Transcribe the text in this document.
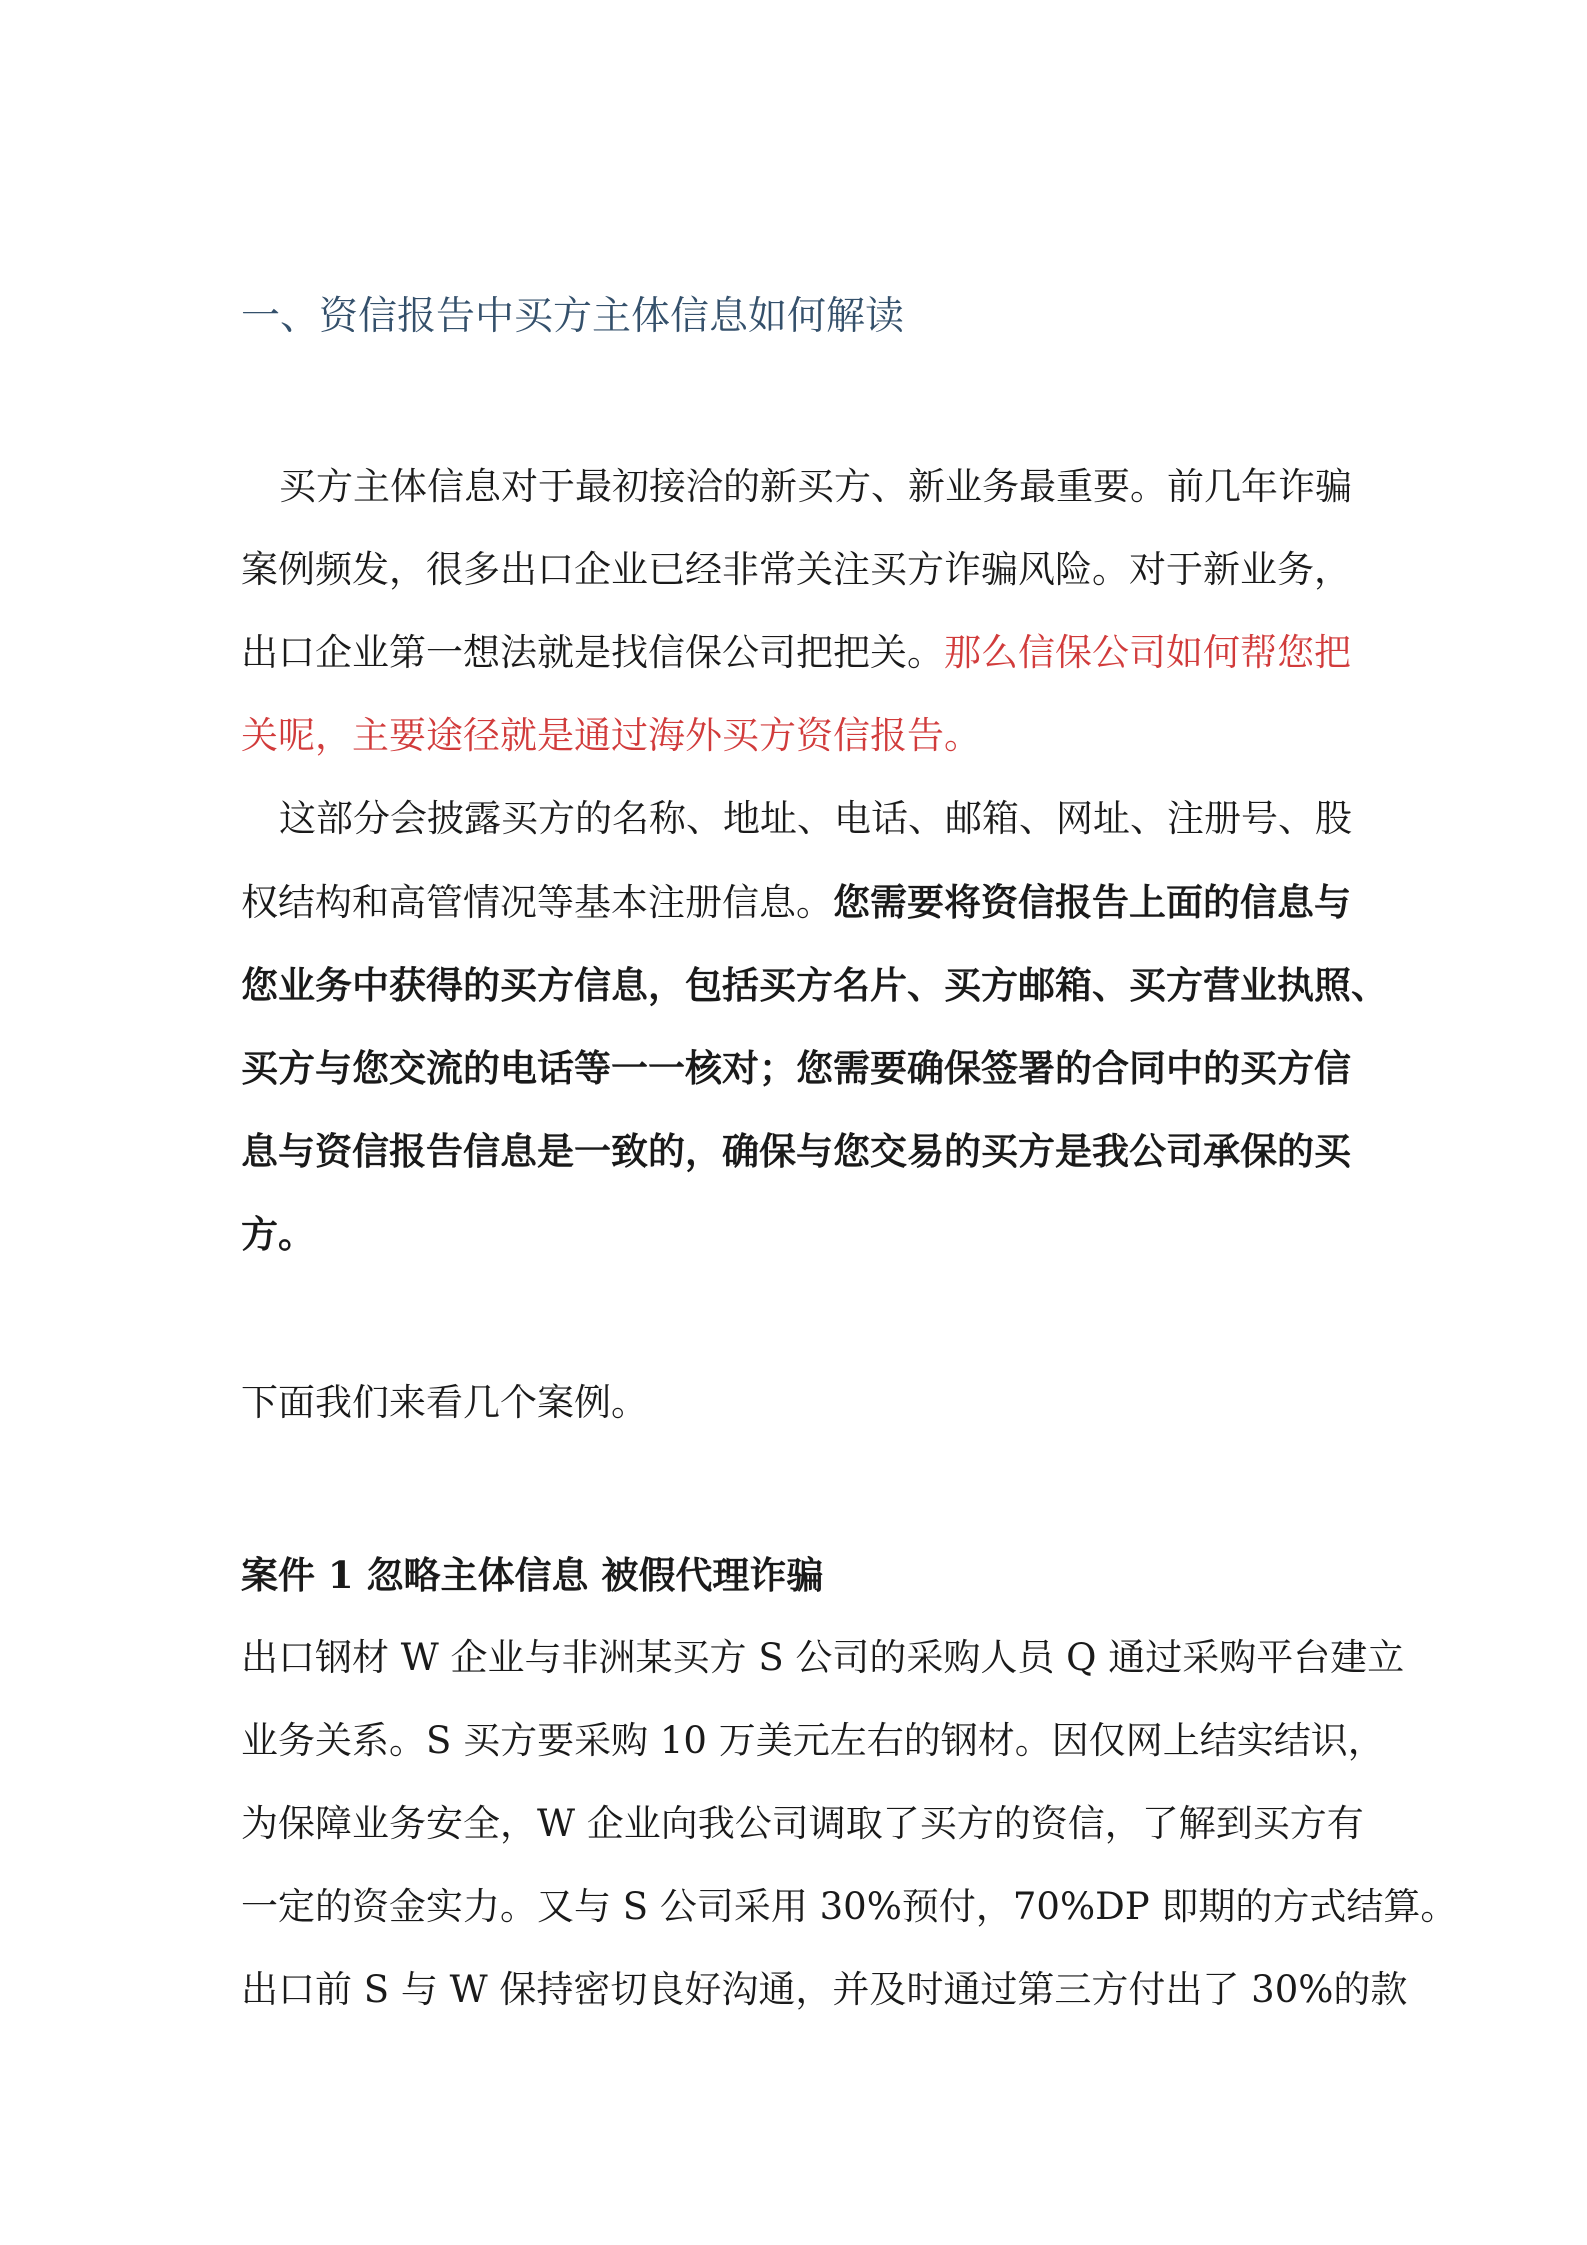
一、资信报告中买方主体信息如何解读
买方主体信息对于最初接洽的新买方、新业务最重要。前几年诈骗
案例频发，很多出口企业已经非常关注买方诈骗风险。对于新业务，
出口企业第一想法就是找信保公司把把关。那么信保公司如何帮您把
关呢，主要途径就是通过海外买方资信报告。
这部分会披露买方的名称、地址、电话、邮箱、网址、注册号、股
权结构和高管情况等基本注册信息。您需要将资信报告上面的信息与
您业务中获得的买方信息，包括买方名片、买方邮箱、买方营业执照、
买方与您交流的电话等一一核对；您需要确保签署的合同中的买方信
息与资信报告信息是一致的，确保与您交易的买方是我公司承保的买
方。
下面我们来看几个案例。
案件 1 忽略主体信息 被假代理诈骗
出口钢材 W 企业与非洲某买方 S 公司的采购人员 Q 通过采购平台建立
业务关系。S 买方要采购 10 万美元左右的钢材。因仅网上结实结识，
为保障业务安全，W 企业向我公司调取了买方的资信，了解到买方有
一定的资金实力。又与 S 公司采用 30%预付，70%DP 即期的方式结算。
出口前 S 与 W 保持密切良好沟通，并及时通过第三方付出了 30%的款
